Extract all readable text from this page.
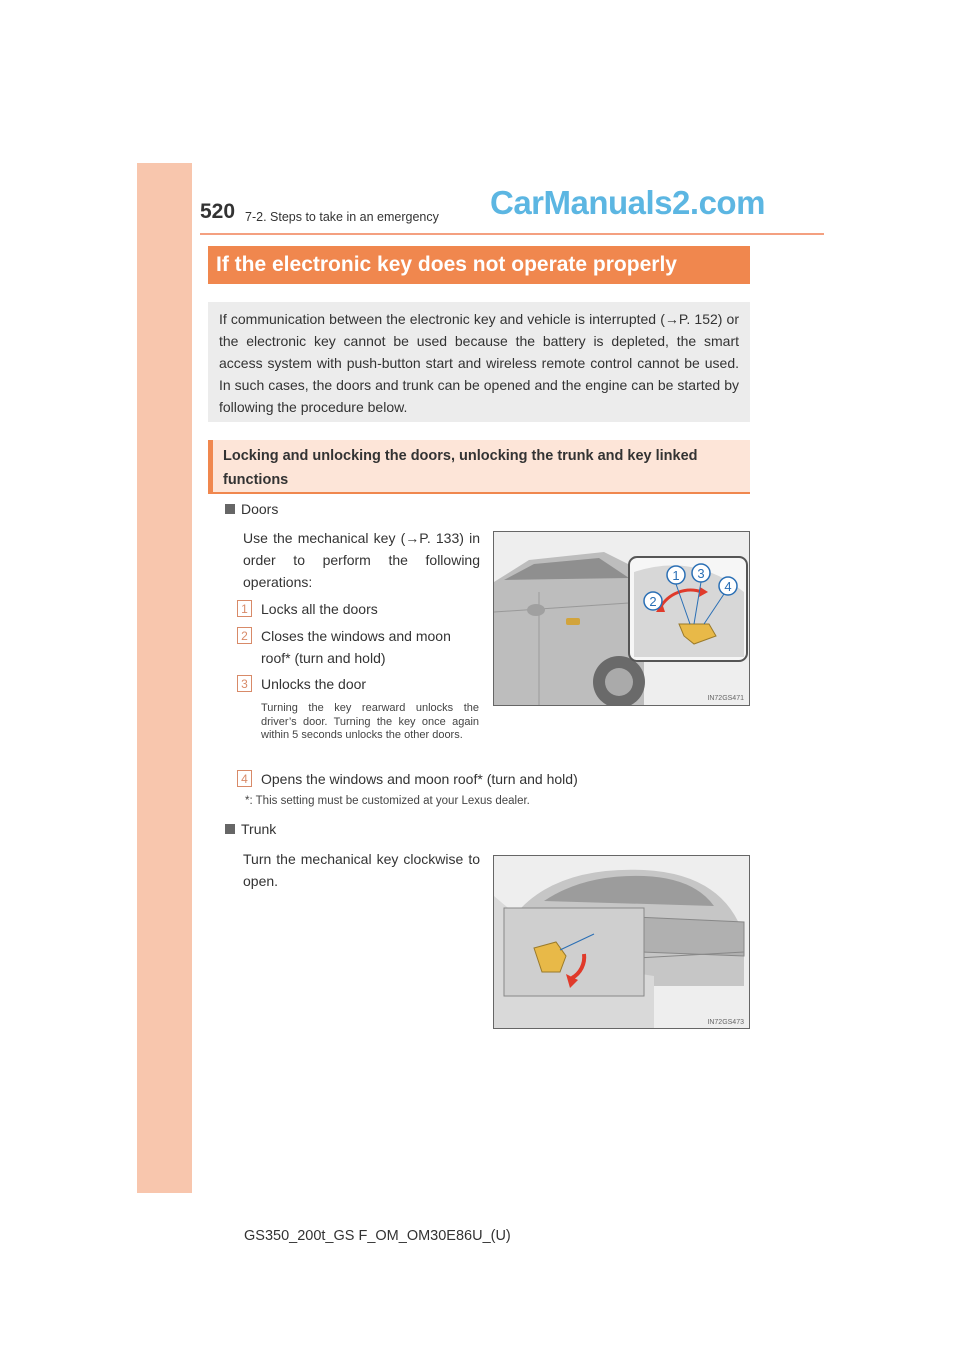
520 7-2. Steps to take in an emergency CarManuals2.com
If the electronic key does not operate properly
If communication between the electronic key and vehicle is interrupted (→P. 152) or the electronic key cannot be used because the battery is depleted, the smart access system with push-button start and wireless remote control cannot be used. In such cases, the doors and trunk can be opened and the engine can be started by following the procedure below.
Locking and unlocking the doors, unlocking the trunk and key linked functions
Doors
Use the mechanical key (→P. 133) in order to perform the following operations:
1 Locks all the doors
2 Closes the windows and moon roof* (turn and hold)
3 Unlocks the door
Turning the key rearward unlocks the driver’s door. Turning the key once again within 5 seconds unlocks the other doors.
4 Opens the windows and moon roof* (turn and hold)
*: This setting must be customized at your Lexus dealer.
1 3
2
4
IN72GS471
Trunk
Turn the mechanical key clockwise to open.
IN72GS473
GS350_200t_GS F_OM_OM30E86U_(U)
